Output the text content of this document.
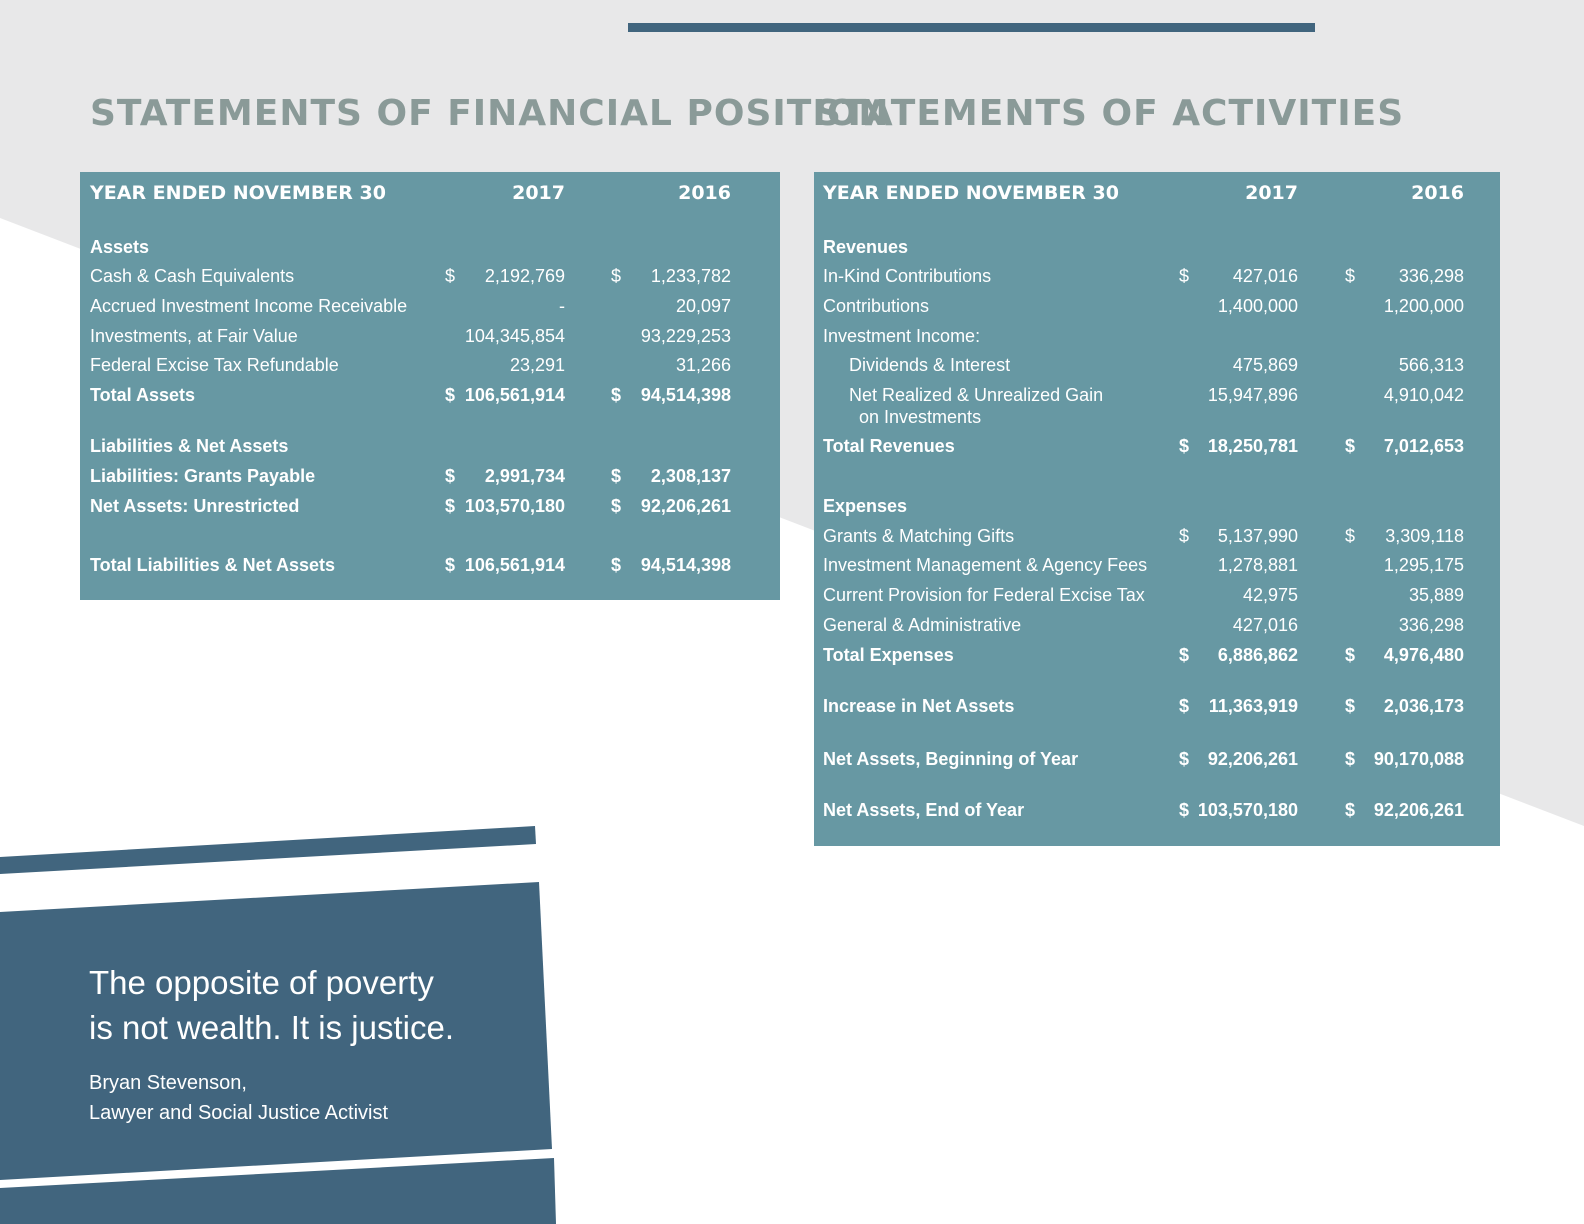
STATEMENTS OF FINANCIAL POSITION
STATEMENTS OF ACTIVITIES
YEAR ENDED NOVEMBER 30	2017	2016
Assets
Cash & Cash Equivalents	$ 2,192,769	$ 1,233,782
Accrued Investment Income Receivable	-	20,097
Investments, at Fair Value	104,345,854	93,229,253
Federal Excise Tax Refundable	23,291	31,266
Total Assets	$ 106,561,914	$ 94,514,398
Liabilities & Net Assets
Liabilities: Grants Payable	$ 2,991,734	$ 2,308,137
Net Assets: Unrestricted	$ 103,570,180	$ 92,206,261
Total Liabilities & Net Assets	$ 106,561,914	$ 94,514,398
YEAR ENDED NOVEMBER 30	2017	2016
Revenues
In-Kind Contributions	$ 427,016	$ 336,298
Contributions	1,400,000	1,200,000
Investment Income:
Dividends & Interest	475,869	566,313
Net Realized & Unrealized Gain	15,947,896	4,910,042
on Investments
Total Revenues	$ 18,250,781	$ 7,012,653
Expenses
Grants & Matching Gifts	$ 5,137,990	$ 3,309,118
Investment Management & Agency Fees	1,278,881	1,295,175
Current Provision for Federal Excise Tax	42,975	35,889
General & Administrative	427,016	336,298
Total Expenses	$ 6,886,862	$ 4,976,480
Increase in Net Assets	$ 11,363,919	$ 2,036,173
Net Assets, Beginning of Year	$ 92,206,261	$ 90,170,088
Net Assets, End of Year	$ 103,570,180	$ 92,206,261

The opposite of poverty
is not wealth. It is justice.

Bryan Stevenson,
Lawyer and Social Justice Activist
